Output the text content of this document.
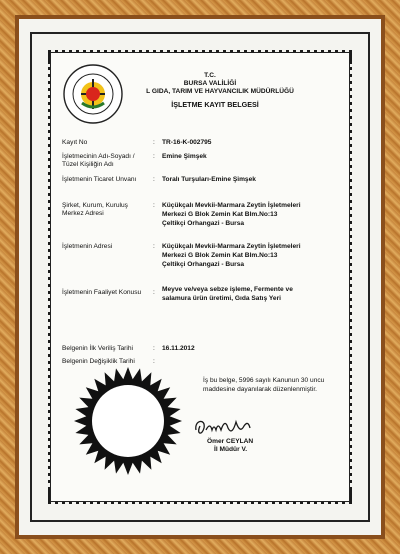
T.C.
BURSA VALİLİĞİ
L GIDA, TARIM VE HAYVANCILIK MÜDÜRLÜĞÜ
İŞLETME KAYIT BELGESİ
Kayıt No
İşletmecinin Adı-Soyadı /
Tüzel Kişiliğin Adı
İşletmenin Ticaret Unvanı
Şirket, Kurum, Kuruluş
Merkez Adresi
İşletmenin Adresi
İşletmenin Faaliyet Konusu
Belgenin İlk Veriliş Tarihi
Belgenin Değişiklik Tarihi
:
:
:
:
:
:
:
:
TR-16-K-002795
Emine Şimşek
Toralı Turşuları-Emine Şimşek
Küçükçalı Mevkii-Marmara Zeytin İşletmeleri
Merkezi G Blok Zemin Kat Blm.No:13
Çeltikçi Orhangazi - Bursa
Küçükçalı Mevkii-Marmara Zeytin İşletmeleri
Merkezi G Blok Zemin Kat Blm.No:13
Çeltikçi Orhangazi - Bursa
Meyve ve/veya sebze işleme, Fermente ve
salamura ürün üretimi, Gıda Satış Yeri
16.11.2012
İş bu belge, 5996 sayılı Kanunun 30 uncu
maddesine dayanılarak düzenlenmiştir.
Ömer CEYLAN
İl Müdür V.
